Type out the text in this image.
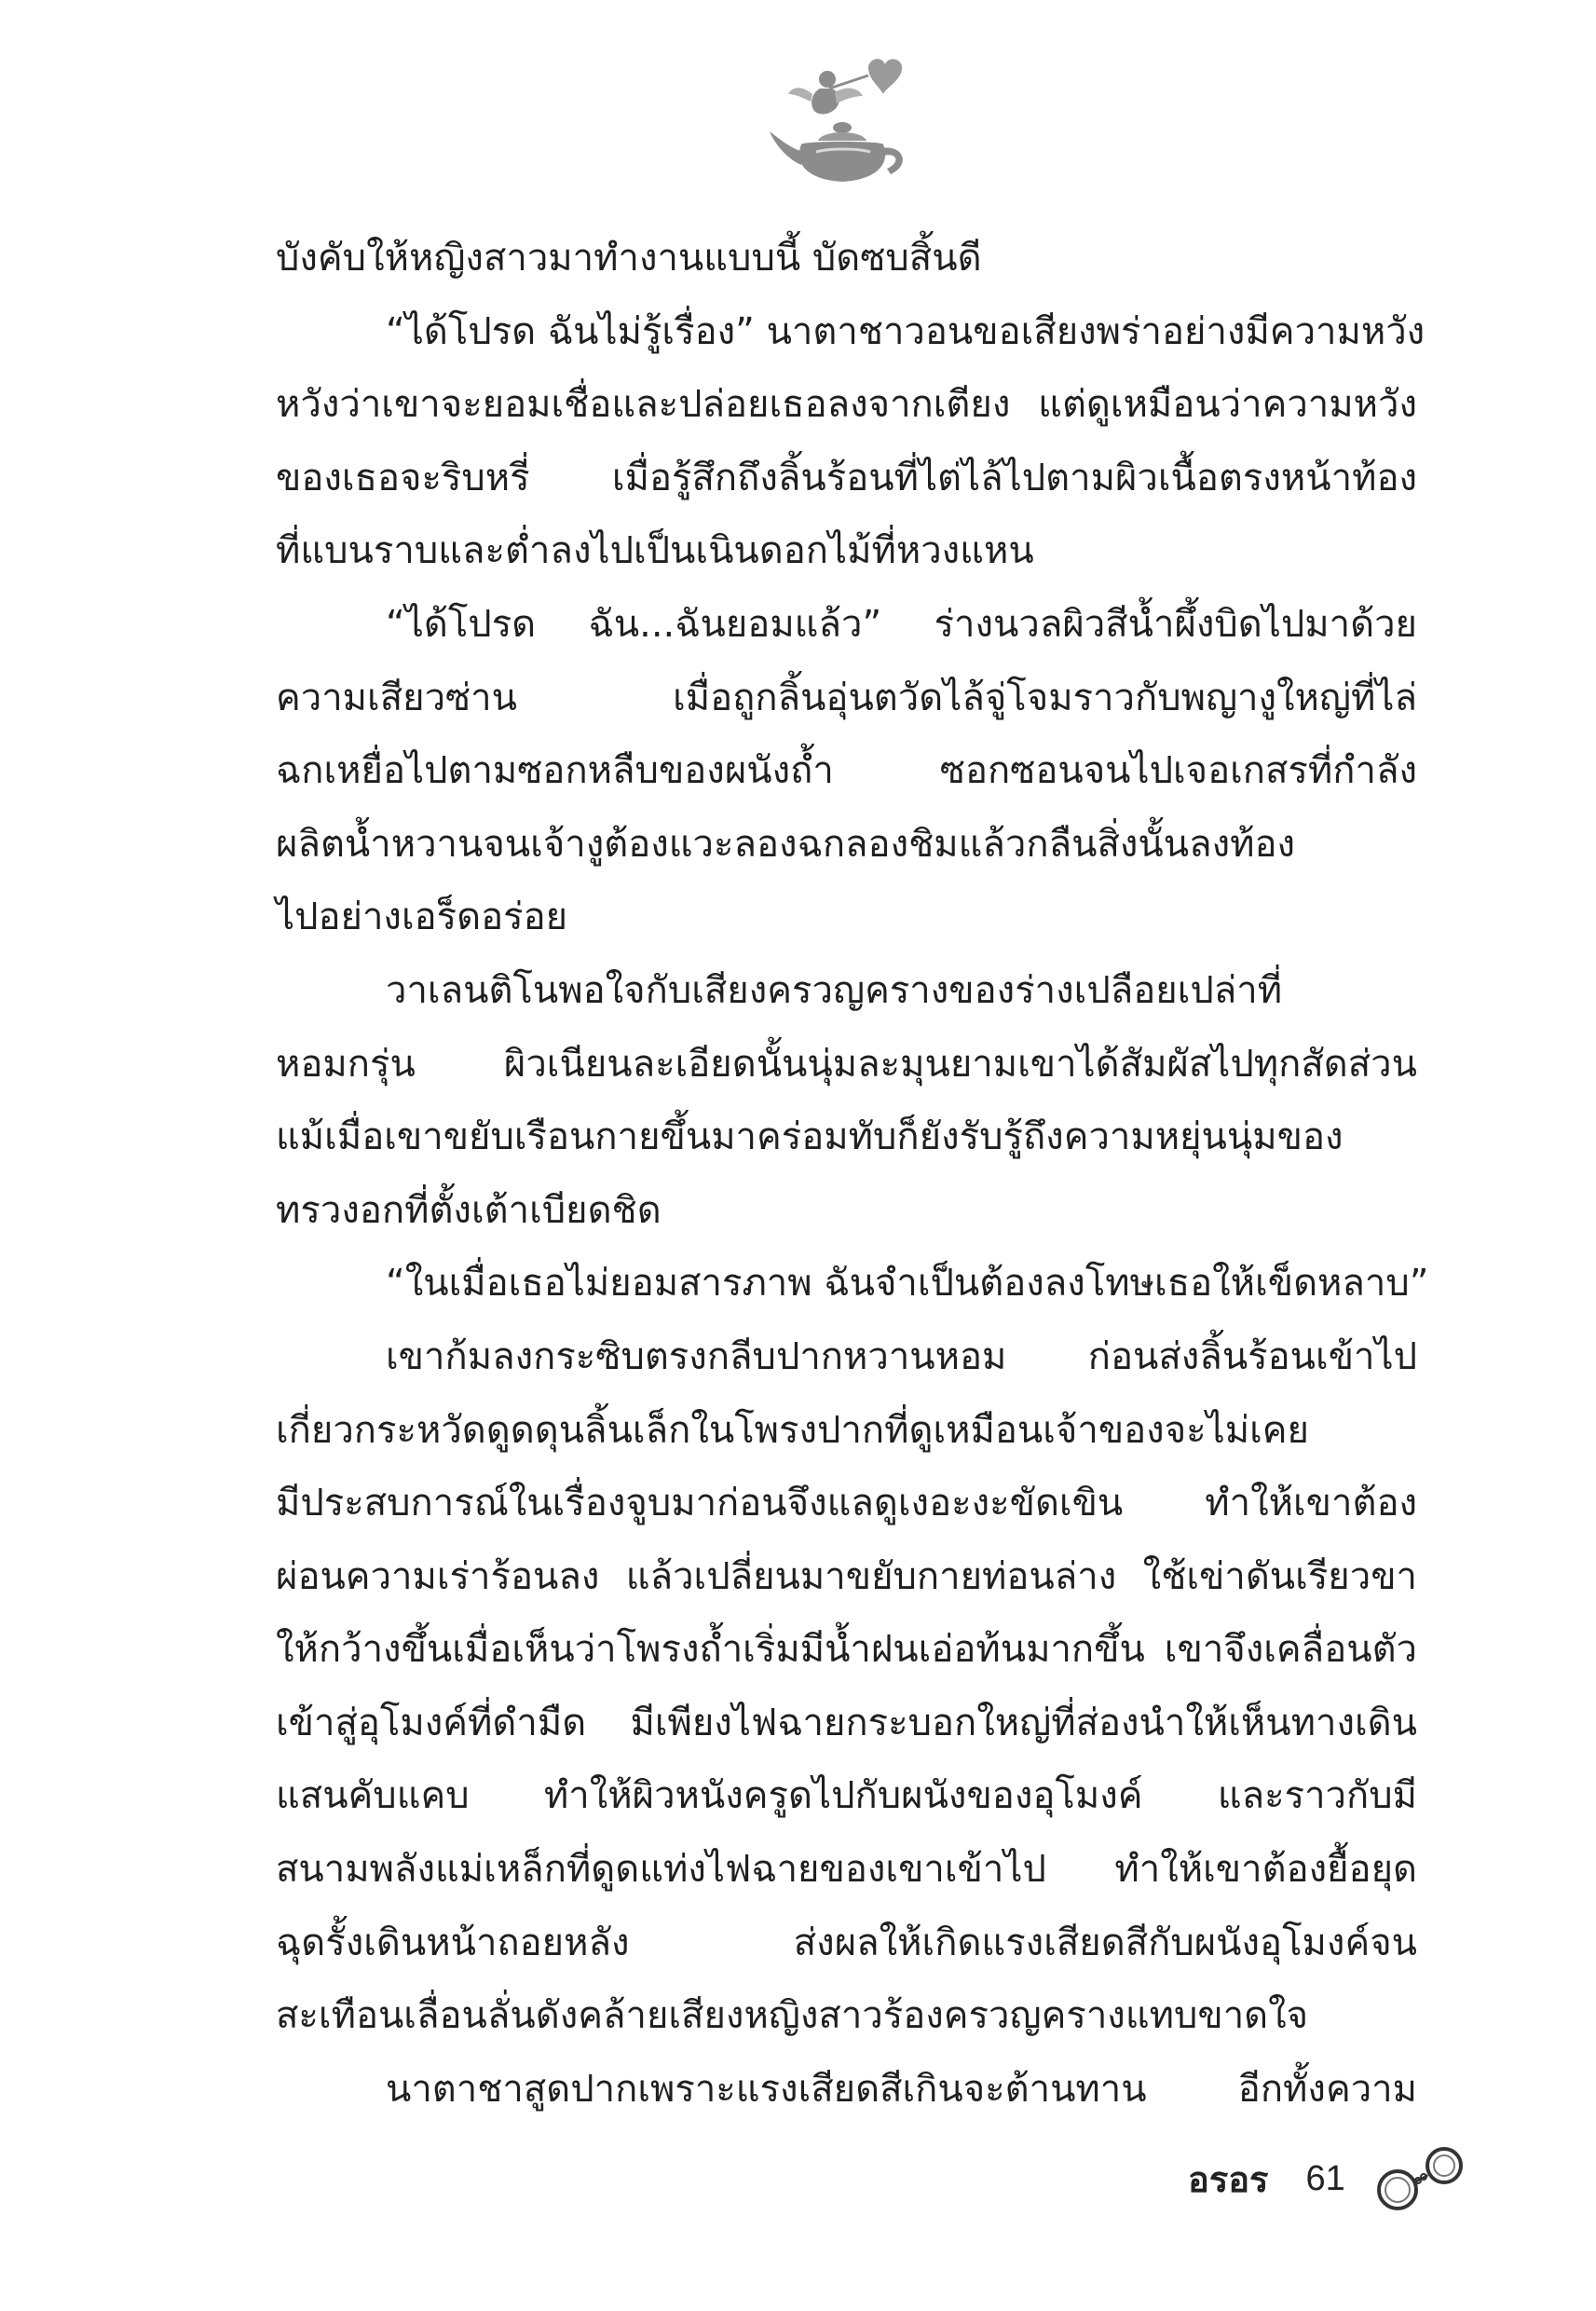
บังคับให้หญิงสาวมาทำงานแบบนี้ บัดซบสิ้นดี
“ได้โปรด ฉันไม่รู้เรื่อง” นาตาชาวอนขอเสียงพร่าอย่างมีความหวัง
หวังว่าเขาจะยอมเชื่อและปล่อยเธอลงจากเตียง แต่ดูเหมือนว่าความหวัง
ของเธอจะริบหรี่ เมื่อรู้สึกถึงลิ้นร้อนที่ไต่ไล้ไปตามผิวเนื้อตรงหน้าท้อง
ที่แบนราบและต่ำลงไปเป็นเนินดอกไม้ที่หวงแหน
“ได้โปรด ฉัน...ฉันยอมแล้ว” ร่างนวลผิวสีน้ำผึ้งบิดไปมาด้วย
ความเสียวซ่าน เมื่อถูกลิ้นอุ่นตวัดไล้จู่โจมราวกับพญางูใหญ่ที่ไล่
ฉกเหยื่อไปตามซอกหลืบของผนังถ้ำ ซอกซอนจนไปเจอเกสรที่กำลัง
ผลิตน้ำหวานจนเจ้างูต้องแวะลองฉกลองชิมแล้วกลืนสิ่งนั้นลงท้อง
ไปอย่างเอร็ดอร่อย
วาเลนติโนพอใจกับเสียงครวญครางของร่างเปลือยเปล่าที่
หอมกรุ่น ผิวเนียนละเอียดนั้นนุ่มละมุนยามเขาได้สัมผัสไปทุกสัดส่วน
แม้เมื่อเขาขยับเรือนกายขึ้นมาคร่อมทับก็ยังรับรู้ถึงความหยุ่นนุ่มของ
ทรวงอกที่ตั้งเต้าเบียดชิด
“ในเมื่อเธอไม่ยอมสารภาพ ฉันจำเป็นต้องลงโทษเธอให้เข็ดหลาบ”
เขาก้มลงกระซิบตรงกลีบปากหวานหอม ก่อนส่งลิ้นร้อนเข้าไป
เกี่ยวกระหวัดดูดดุนลิ้นเล็กในโพรงปากที่ดูเหมือนเจ้าของจะไม่เคย
มีประสบการณ์ในเรื่องจูบมาก่อนจึงแลดูเงอะงะขัดเขิน ทำให้เขาต้อง
ผ่อนความเร่าร้อนลง แล้วเปลี่ยนมาขยับกายท่อนล่าง ใช้เข่าดันเรียวขา
ให้กว้างขึ้นเมื่อเห็นว่าโพรงถ้ำเริ่มมีน้ำฝนเอ่อท้นมากขึ้น เขาจึงเคลื่อนตัว
เข้าสู่อุโมงค์ที่ดำมืด มีเพียงไฟฉายกระบอกใหญ่ที่ส่องนำให้เห็นทางเดิน
แสนคับแคบ ทำให้ผิวหนังครูดไปกับผนังของอุโมงค์ และราวกับมี
สนามพลังแม่เหล็กที่ดูดแท่งไฟฉายของเขาเข้าไป ทำให้เขาต้องยื้อยุด
ฉุดรั้งเดินหน้าถอยหลัง ส่งผลให้เกิดแรงเสียดสีกับผนังอุโมงค์จน
สะเทือนเลื่อนลั่นดังคล้ายเสียงหญิงสาวร้องครวญครางแทบขาดใจ
นาตาชาสูดปากเพราะแรงเสียดสีเกินจะต้านทาน อีกทั้งความ
อรอร 61
